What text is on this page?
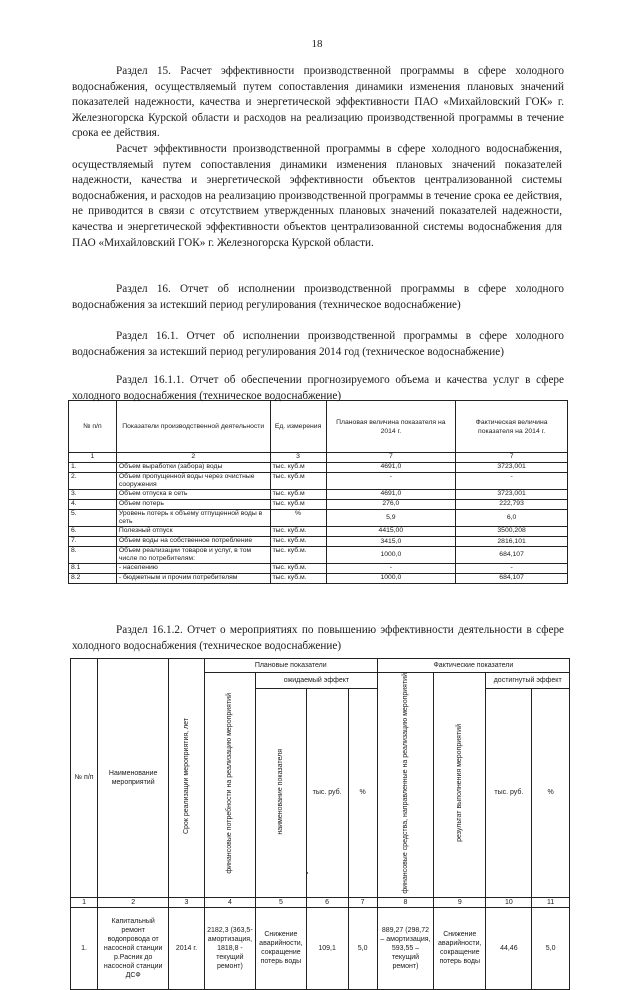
18
Раздел 15. Расчет эффективности производственной программы в сфере холодного водоснабжения, осуществляемый путем сопоставления динамики изменения плановых значений показателей надежности, качества и энергетической эффективности ПАО «Михайловский ГОК» г. Железногорска Курской области и расходов на реализацию производственной программы в течение срока ее действия.
Расчет эффективности производственной программы в сфере холодного водоснабжения, осуществляемый путем сопоставления динамики изменения плановых значений показателей надежности, качества и энергетической эффективности объектов централизованной системы водоснабжения, и расходов на реализацию производственной программы в течение срока ее действия, не приводится в связи с отсутствием утвержденных плановых значений показателей надежности, качества и энергетической эффективности объектов централизованной системы водоснабжения для ПАО «Михайловский ГОК» г. Железногорска Курской области.
Раздел 16. Отчет об исполнении производственной программы в сфере холодного водоснабжения за истекший период регулирования (техническое водоснабжение)
Раздел 16.1. Отчет об исполнении производственной программы в сфере холодного водоснабжения за истекший период регулирования 2014 год (техническое водоснабжение)
Раздел 16.1.1. Отчет об обеспечении прогнозируемого объема и качества услуг в сфере холодного водоснабжения (техническое водоснабжение)
№ п/п	Показатели производственной деятельности	Ед. измерения	Плановая величина показателя на 2014 г.	Фактическая величина показателя на 2014 г.
1	2	3	7	7
1.	Объем выработки (забора) воды	тыс. куб.м	4691,0	3723,001
2.	Объем пропущенной воды через очистные сооружения	тыс. куб.м	-	-
3.	Объем отпуска в сеть	тыс. куб.м	4691,0	3723,001
4.	Объем потерь	тыс. куб.м	276,0	222,793
5.	Уровень потерь к объему отпущенной воды в сеть	%	5,9	6,0
6.	Полезный отпуск	тыс. куб.м.	4415,00	3500,208
7.	Объем воды на собственное потребление	тыс. куб.м.	3415,0	2816,101
8.	Объем реализации товаров и услуг, в том числе по потребителям:	тыс. куб.м.	1000,0	684,107
8.1	- населению	тыс. куб.м.	-	-
8.2	- бюджетным и прочим потребителям	тыс. куб.м.	1000,0	684,107
Раздел 16.1.2. Отчет о мероприятиях по повышению эффективности деятельности в сфере холодного водоснабжения (техническое водоснабжение)
№ п/п	Наименование мероприятий	Срок реализации мероприятия, лет	Плановые показатели				Фактические показатели			
			финансовые потребности на реализацию мероприятий	ожидаемый эффект			финансовые средства, направленные на реализацию мероприятий	результат выполнения мероприятий	достигнутый эффект	
				наименование показателя	тыс. руб.	%			тыс. руб.	%

1	2	3	4	5	6	7	8	9	10	11
1.	Капитальный ремонт водопровода от насосной станции р.Расник до насосной станции ДСФ	2014 г.	2182,3 (363,5- амортизация, 1818,8 - текущий ремонт)	Снижение аварийности, сокращение потерь воды	109,1	5,0	889,27 (298,72 – амортизация, 593,55 – текущий ремонт)	Снижение аварийности, сокращение потерь воды	44,46	5,0
